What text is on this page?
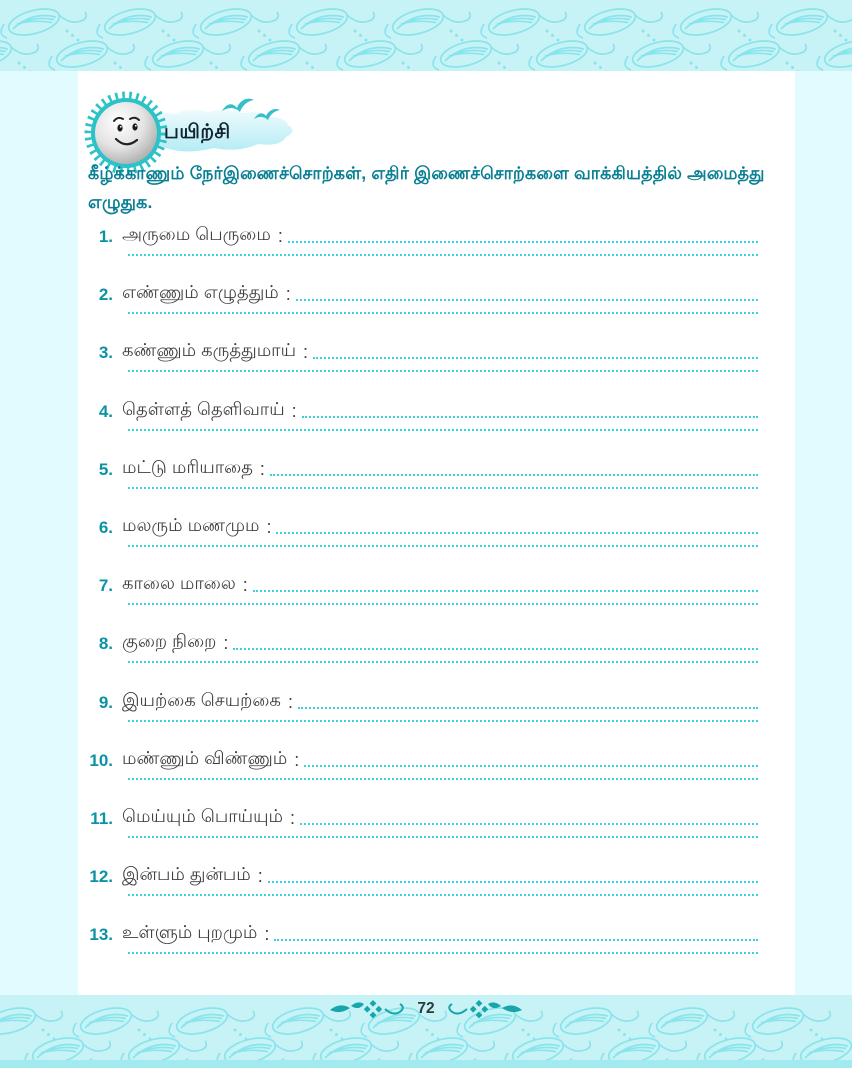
பயிற்சி

கீழ்க்காணும் நேர்இணைச்சொற்கள், எதிர் இணைச்சொற்களை வாக்கியத்தில் அமைத்து எழுதுக.

1. அருமை பெருமை :
2. எண்ணும் எழுத்தும் :
3. கண்ணும் கருத்துமாய் :
4. தெள்ளத் தெளிவாய் :
5. மட்டு மரியாதை :
6. மலரும் மணமும :
7. காலை மாலை :
8. குறை நிறை :
9. இயற்கை செயற்கை :
10. மண்ணும் விண்ணும் :
11. மெய்யும் பொய்யும் :
12. இன்பம் துன்பம் :
13. உள்ளும் புறமும் :
72
